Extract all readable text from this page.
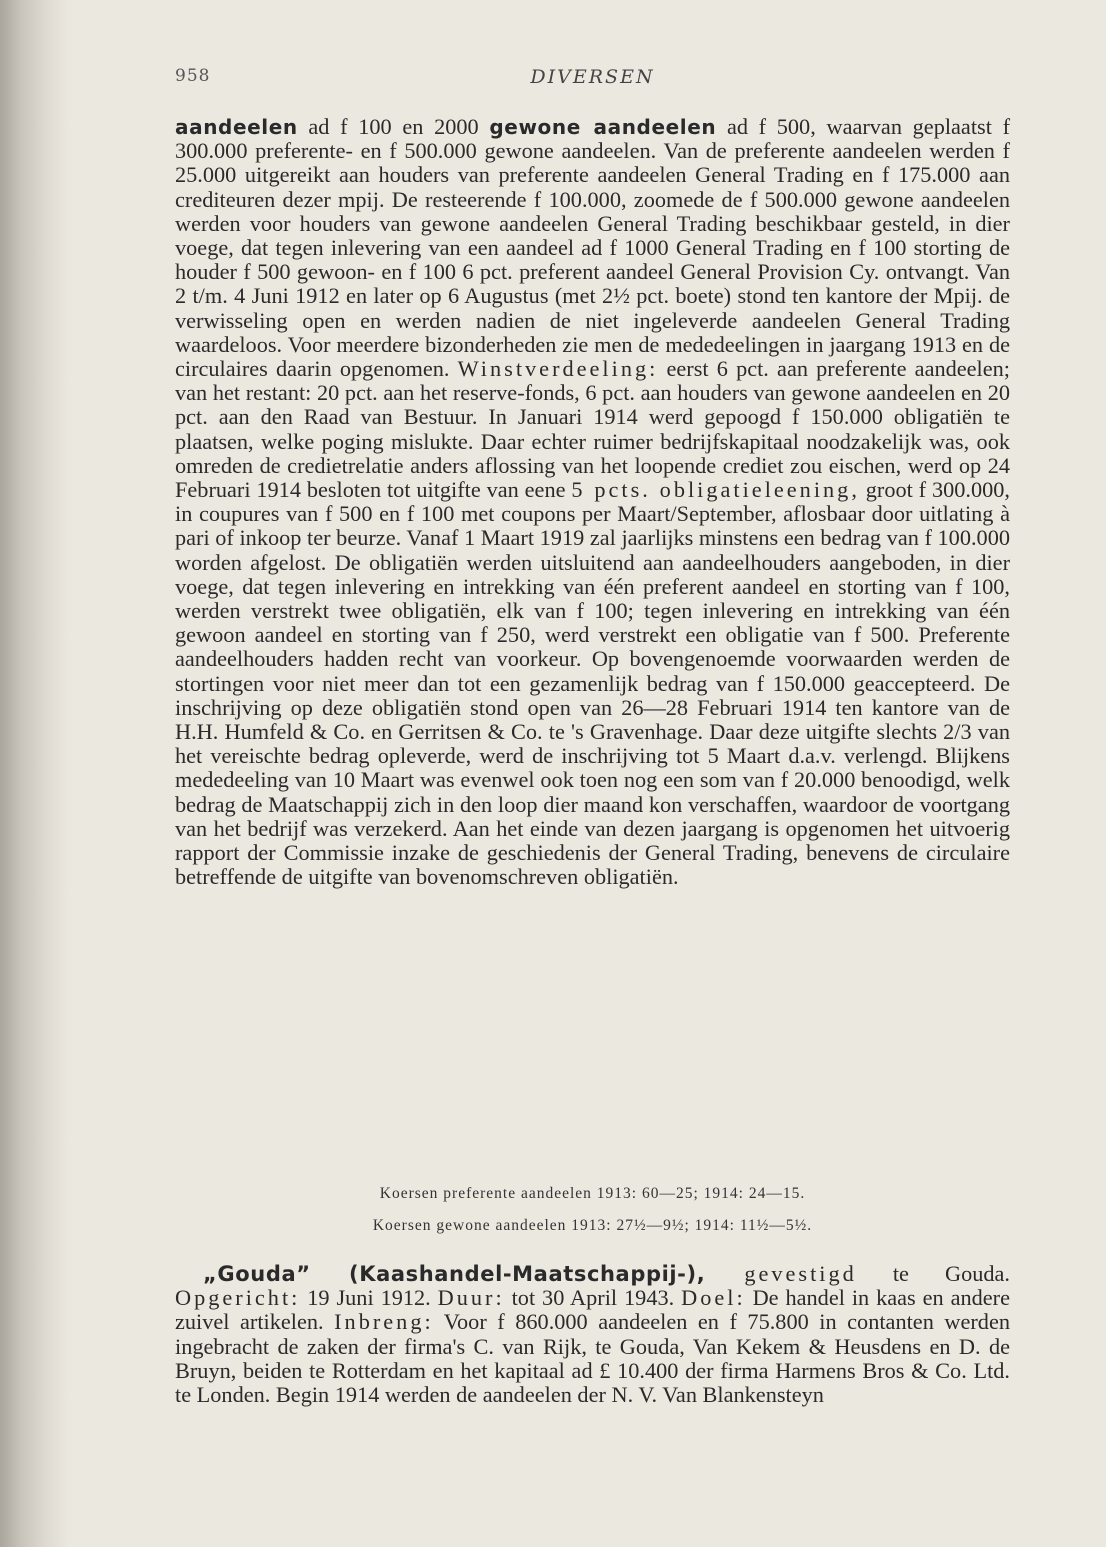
958	DIVERSEN

aandeelen ad f 100 en 2000 gewone aandeelen ad f 500, waarvan geplaatst f 300.000 preferente- en f 500.000 gewone aandeelen. Van de preferente aandeelen werden f 25.000 uitgereikt aan houders van preferente aandeelen General Trading en f 175.000 aan crediteuren dezer mpij. De resteerende f 100.000, zoomede de f 500.000 gewone aandeelen werden voor houders van gewone aandeelen General Trading beschikbaar gesteld, in dier voege, dat tegen inlevering van een aandeel ad f 1000 General Trading en f 100 storting de houder f 500 gewoon- en f 100 6 pct. preferent aandeel General Provision Cy. ontvangt. Van 2 t/m. 4 Juni 1912 en later op 6 Augustus (met 2½ pct. boete) stond ten kantore der Mpij. de verwisseling open en werden nadien de niet ingeleverde aandeelen General Trading waardeloos. Voor meerdere bizonderheden zie men de mededeelingen in jaargang 1913 en de circulaires daarin opgenomen. Winstverdeeling: eerst 6 pct. aan preferente aandeelen; van het restant: 20 pct. aan het reserve-fonds, 6 pct. aan houders van gewone aandeelen en 20 pct. aan den Raad van Bestuur. In Januari 1914 werd gepoogd f 150.000 obligatiën te plaatsen, welke poging mislukte. Daar echter ruimer bedrijfskapitaal noodzakelijk was, ook omreden de credietrelatie anders aflossing van het loopende crediet zou eischen, werd op 24 Februari 1914 besloten tot uitgifte van eene 5 pcts. obligatieleening, groot f 300.000, in coupures van f 500 en f 100 met coupons per Maart/September, aflosbaar door uitlating à pari of inkoop ter beurze. Vanaf 1 Maart 1919 zal jaarlijks minstens een bedrag van f 100.000 worden afgelost. De obligatiën werden uitsluitend aan aandeelhouders aangeboden, in dier voege, dat tegen inlevering en intrekking van één preferent aandeel en storting van f 100, werden verstrekt twee obligatiën, elk van f 100; tegen inlevering en intrekking van één gewoon aandeel en storting van f 250, werd verstrekt een obligatie van f 500. Preferente aandeelhouders hadden recht van voorkeur. Op bovengenoemde voorwaarden werden de stortingen voor niet meer dan tot een gezamenlijk bedrag van f 150.000 geaccepteerd. De inschrijving op deze obligatiën stond open van 26—28 Februari 1914 ten kantore van de H.H. Humfeld & Co. en Gerritsen & Co. te 's Gravenhage. Daar deze uitgifte slechts 2/3 van het vereischte bedrag opleverde, werd de inschrijving tot 5 Maart d.a.v. verlengd. Blijkens mededeeling van 10 Maart was evenwel ook toen nog een som van f 20.000 benoodigd, welk bedrag de Maatschappij zich in den loop dier maand kon verschaffen, waardoor de voortgang van het bedrijf was verzekerd. Aan het einde van dezen jaargang is opgenomen het uitvoerig rapport der Commissie inzake de geschiedenis der General Trading, benevens de circulaire betreffende de uitgifte van bovenomschreven obligatiën.

Koersen preferente aandeelen 1913: 60—25; 1914: 24—15.
Koersen gewone aandeelen 1913: 27½—9½; 1914: 11½—5½.

„Gouda” (Kaashandel-Maatschappij-), gevestigd te Gouda. Opgericht: 19 Juni 1912. Duur: tot 30 April 1943. Doel: De handel in kaas en andere zuivel artikelen. Inbreng: Voor f 860.000 aandeelen en f 75.800 in contanten werden ingebracht de zaken der firma's C. van Rijk, te Gouda, Van Kekem & Heusdens en D. de Bruyn, beiden te Rotterdam en het kapitaal ad £ 10.400 der firma Harmens Bros & Co. Ltd. te Londen. Begin 1914 werden de aandeelen der N. V. Van Blankensteyn
